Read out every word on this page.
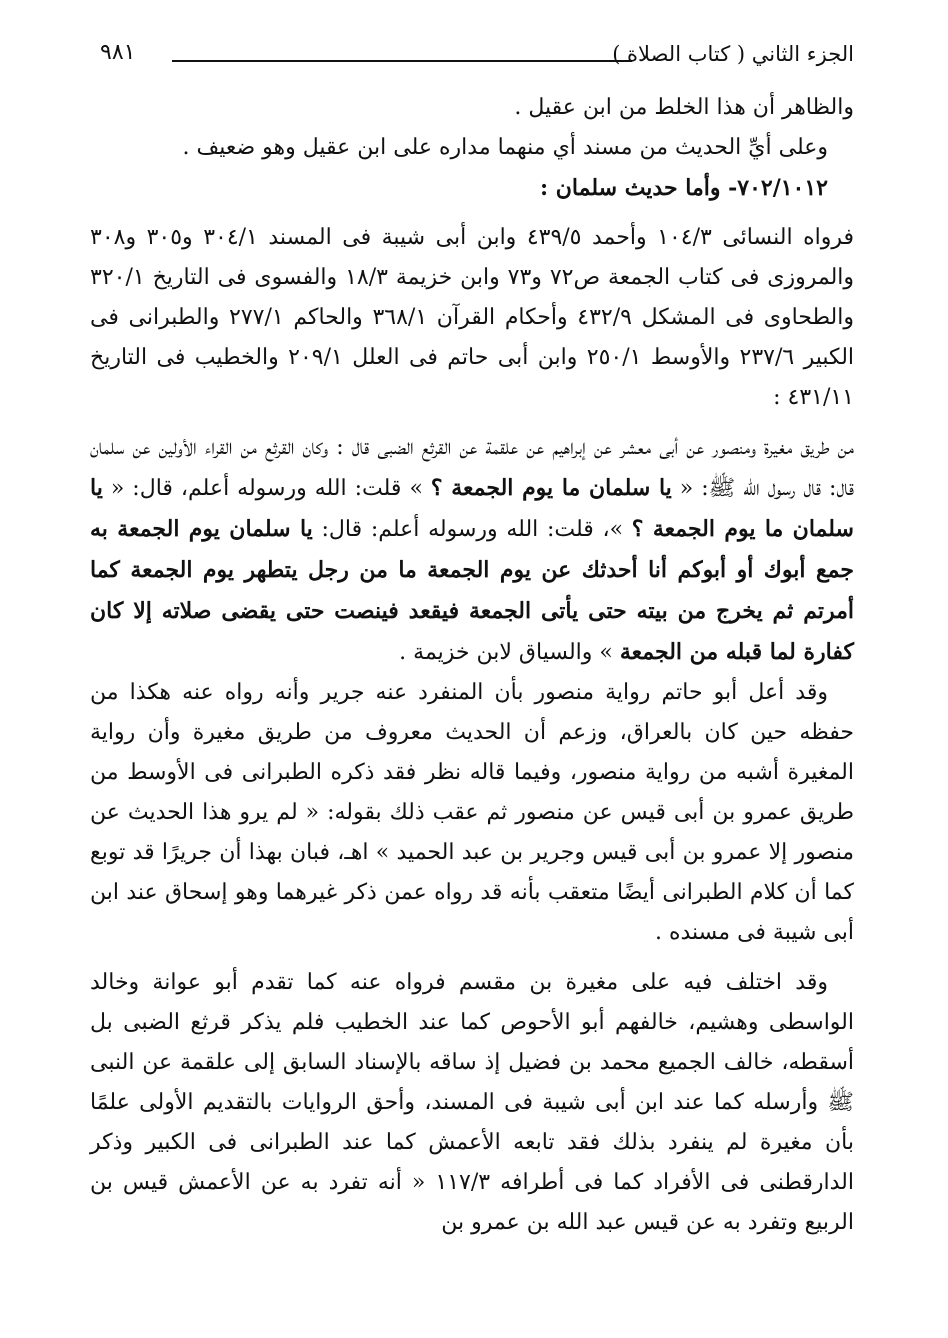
الجزء الثاني ( كتاب الصلاة )
٩٨١

والظاهر أن هذا الخلط من ابن عقيل .

وعلى أيِّ الحديث من مسند أي منهما مداره على ابن عقيل وهو ضعيف .

٧٠٢/١٠١٢- وأما حديث سلمان :

فرواه النسائى ١٠٤/٣ وأحمد ٤٣٩/٥ وابن أبى شيبة فى المسند ٣٠٤/١ و٣٠٥ و٣٠٨ والمروزى فى كتاب الجمعة ص٧٢ و٧٣ وابن خزيمة ١٨/٣ والفسوى فى التاريخ ٣٢٠/١ والطحاوى فى المشكل ٤٣٢/٩ وأحكام القرآن ٣٦٨/١ والحاكم ٢٧٧/١ والطبرانى فى الكبير ٢٣٧/٦ والأوسط ٢٥٠/١ وابن أبى حاتم فى العلل ٢٠٩/١ والخطيب فى التاريخ ٤٣١/١١ :

من طريق مغيرة ومنصور عن أبى معشر عن إبراهيم عن علقمة عن القرثع الضبى قال : وكان القرثع من القراء الأولين عن سلمان قال: قال رسول الله ﷺ: « يا سلمان ما يوم الجمعة ؟ » قلت: الله ورسوله أعلم، قال: « يا سلمان ما يوم الجمعة ؟ »، قلت: الله ورسوله أعلم: قال: يا سلمان يوم الجمعة به جمع أبوك أو أبوكم أنا أحدثك عن يوم الجمعة ما من رجل يتطهر يوم الجمعة كما أمرتم ثم يخرج من بيته حتى يأتى الجمعة فيقعد فينصت حتى يقضى صلاته إلا كان كفارة لما قبله من الجمعة » والسياق لابن خزيمة .

وقد أعل أبو حاتم رواية منصور بأن المنفرد عنه جرير وأنه رواه عنه هكذا من حفظه حين كان بالعراق، وزعم أن الحديث معروف من طريق مغيرة وأن رواية المغيرة أشبه من رواية منصور، وفيما قاله نظر فقد ذكره الطبرانى فى الأوسط من طريق عمرو بن أبى قيس عن منصور ثم عقب ذلك بقوله: « لم يرو هذا الحديث عن منصور إلا عمرو بن أبى قيس وجرير بن عبد الحميد » اهـ، فبان بهذا أن جريرًا قد توبع كما أن كلام الطبرانى أيضًا متعقب بأنه قد رواه عمن ذكر غيرهما وهو إسحاق عند ابن أبى شيبة فى مسنده .

وقد اختلف فيه على مغيرة بن مقسم فرواه عنه كما تقدم أبو عوانة وخالد الواسطى وهشيم، خالفهم أبو الأحوص كما عند الخطيب فلم يذكر قرثع الضبى بل أسقطه، خالف الجميع محمد بن فضيل إذ ساقه بالإسناد السابق إلى علقمة عن النبى ﷺ وأرسله كما عند ابن أبى شيبة فى المسند، وأحق الروايات بالتقديم الأولى علمًا بأن مغيرة لم ينفرد بذلك فقد تابعه الأعمش كما عند الطبرانى فى الكبير وذكر الدارقطنى فى الأفراد كما فى أطرافه ١١٧/٣ « أنه تفرد به عن الأعمش قيس بن الربيع وتفرد به عن قيس عبد الله بن عمرو بن
